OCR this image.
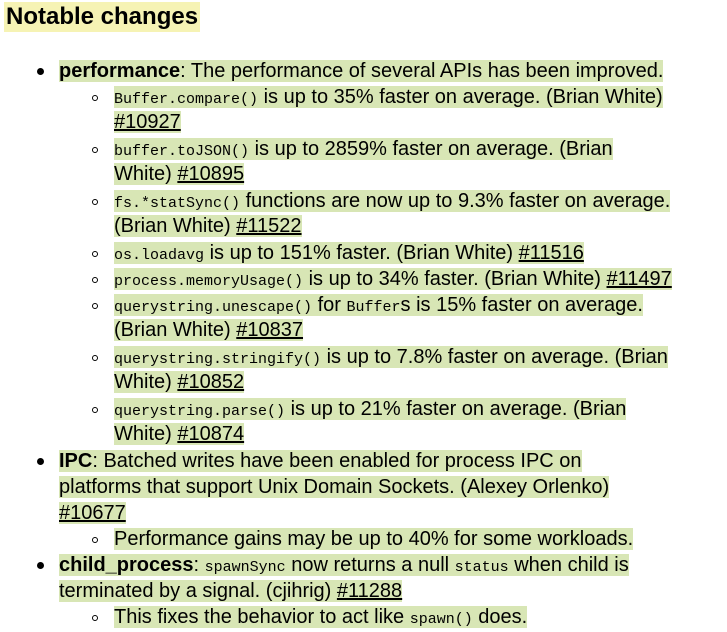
Notable changes
performance: The performance of several APIs has been improved.
Buffer.compare() is up to 35% faster on average. (Brian White)
#10927
buffer.toJSON() is up to 2859% faster on average. (Brian
White) #10895
fs.*statSync() functions are now up to 9.3% faster on average.
(Brian White) #11522
os.loadavg is up to 151% faster. (Brian White) #11516
process.memoryUsage() is up to 34% faster. (Brian White) #11497
querystring.unescape() for Buffers is 15% faster on average.
(Brian White) #10837
querystring.stringify() is up to 7.8% faster on average. (Brian
White) #10852
querystring.parse() is up to 21% faster on average. (Brian
White) #10874
IPC: Batched writes have been enabled for process IPC on
platforms that support Unix Domain Sockets. (Alexey Orlenko)
#10677
Performance gains may be up to 40% for some workloads.
child_process: spawnSync now returns a null status when child is
terminated by a signal. (cjihrig) #11288
This fixes the behavior to act like spawn() does.
